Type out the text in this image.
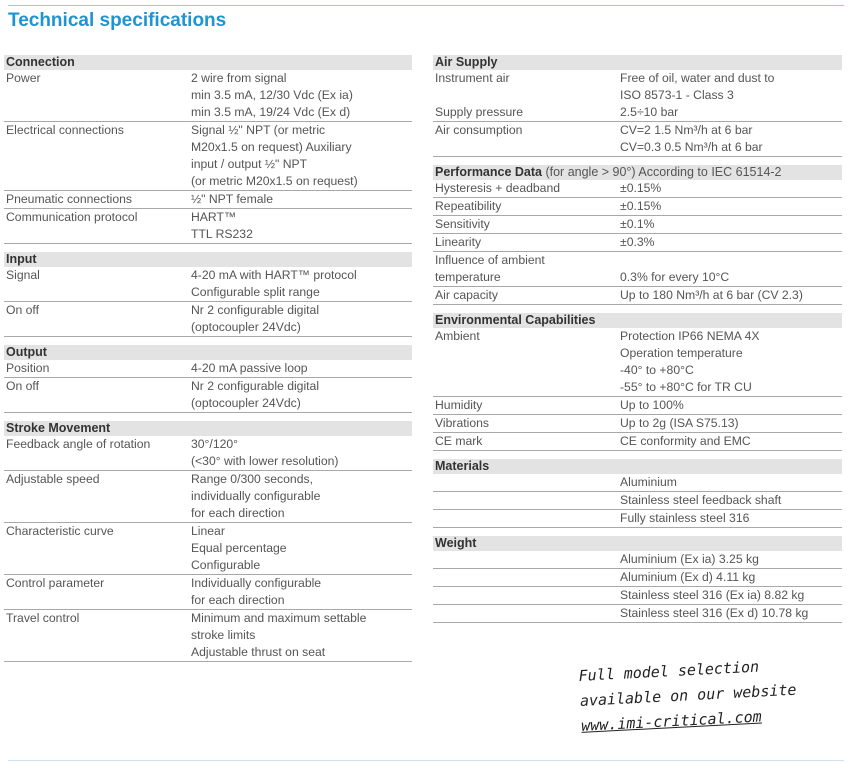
Technical specifications
Connection
Power	2 wire from signal
min 3.5 mA, 12/30 Vdc (Ex ia)
min 3.5 mA, 19/24 Vdc (Ex d)
Electrical connections	Signal ½" NPT (or metric
M20x1.5 on request) Auxiliary
input / output ½" NPT
(or metric M20x1.5 on request)
Pneumatic connections	½" NPT female
Communication protocol	HART™
TTL RS232
Input
Signal	4-20 mA with HART™ protocol
Configurable split range
On off	Nr 2 configurable digital
(optocoupler 24Vdc)
Output
Position	4-20 mA passive loop
On off	Nr 2 configurable digital
(optocoupler 24Vdc)
Stroke Movement
Feedback angle of rotation	30°/120°
(<30° with lower resolution)
Adjustable speed	Range 0/300 seconds,
individually configurable
for each direction
Characteristic curve	Linear
Equal percentage
Configurable
Control parameter	Individually configurable
for each direction
Travel control	Minimum and maximum settable
stroke limits
Adjustable thrust on seat
Air Supply
Instrument air	Free of oil, water and dust to
ISO 8573-1 - Class 3
Supply pressure	2.5÷10 bar
Air consumption	CV=2 1.5 Nm³/h at 6 bar
CV=0.3 0.5 Nm³/h at 6 bar
Performance Data (for angle > 90°) According to IEC 61514-2
Hysteresis + deadband	±0.15%
Repeatibility	±0.15%
Sensitivity	±0.1%
Linearity	±0.3%
Influence of ambient

temperature	0.3% for every 10°C
Air capacity	Up to 180 Nm³/h at 6 bar (CV 2.3)
Environmental Capabilities
Ambient	Protection IP66 NEMA 4X
Operation temperature
-40° to +80°C
-55° to +80°C for TR CU
Humidity	Up to 100%
Vibrations	Up to 2g (ISA S75.13)
CE mark	CE conformity and EMC
Materials
Aluminium
Stainless steel feedback shaft
Fully stainless steel 316
Weight
Aluminium (Ex ia) 3.25 kg
Aluminium (Ex d) 4.11 kg
Stainless steel 316 (Ex ia) 8.82 kg
Stainless steel 316 (Ex d) 10.78 kg
Full model selection
available on our website
www.imi-critical.com
